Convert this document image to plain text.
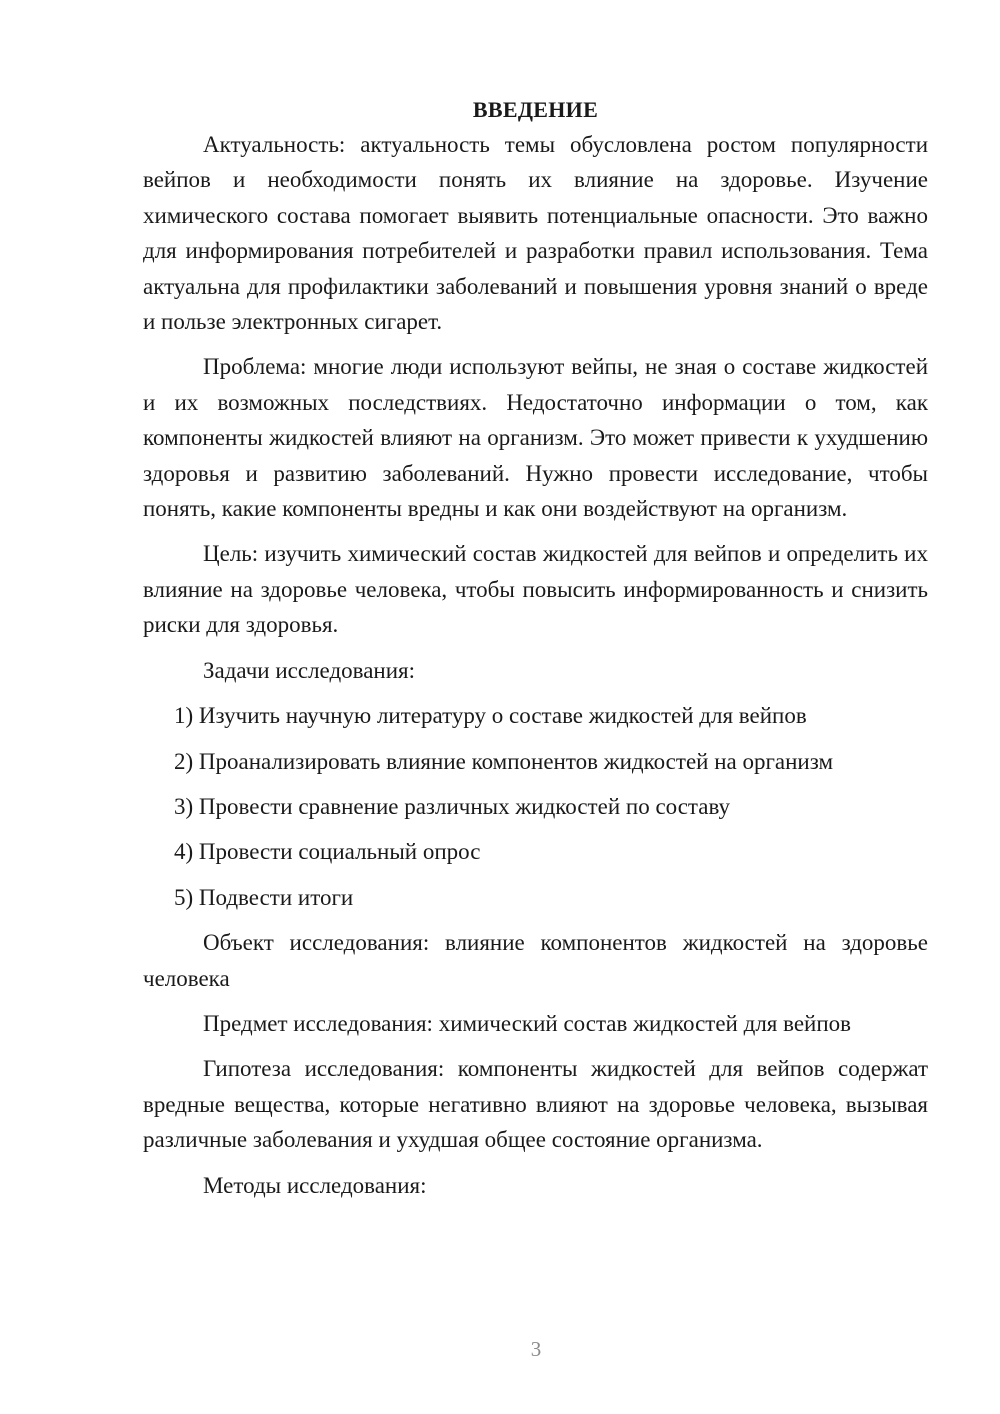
ВВЕДЕНИЕ

Актуальность: актуальность темы обусловлена ростом популярности вейпов и необходимости понять их влияние на здоровье. Изучение химического состава помогает выявить потенциальные опасности. Это важно для информирования потребителей и разработки правил использования. Тема актуальна для профилактики заболеваний и повышения уровня знаний о вреде и пользе электронных сигарет.

Проблема: многие люди используют вейпы, не зная о составе жидкостей и их возможных последствиях. Недостаточно информации о том, как компоненты жидкостей влияют на организм. Это может привести к ухудшению здоровья и развитию заболеваний. Нужно провести исследование, чтобы понять, какие компоненты вредны и как они воздействуют на организм.

Цель: изучить химический состав жидкостей для вейпов и определить их влияние на здоровье человека, чтобы повысить информированность и снизить риски для здоровья.

Задачи исследования:

1) Изучить научную литературу о составе жидкостей для вейпов

2) Проанализировать влияние компонентов жидкостей на организм

3) Провести сравнение различных жидкостей по составу

4) Провести социальный опрос

5) Подвести итоги

Объект исследования: влияние компонентов жидкостей на здоровье человека

Предмет исследования: химический состав жидкостей для вейпов

Гипотеза исследования: компоненты жидкостей для вейпов содержат вредные вещества, которые негативно влияют на здоровье человека, вызывая различные заболевания и ухудшая общее состояние организма.

Методы исследования:

3
